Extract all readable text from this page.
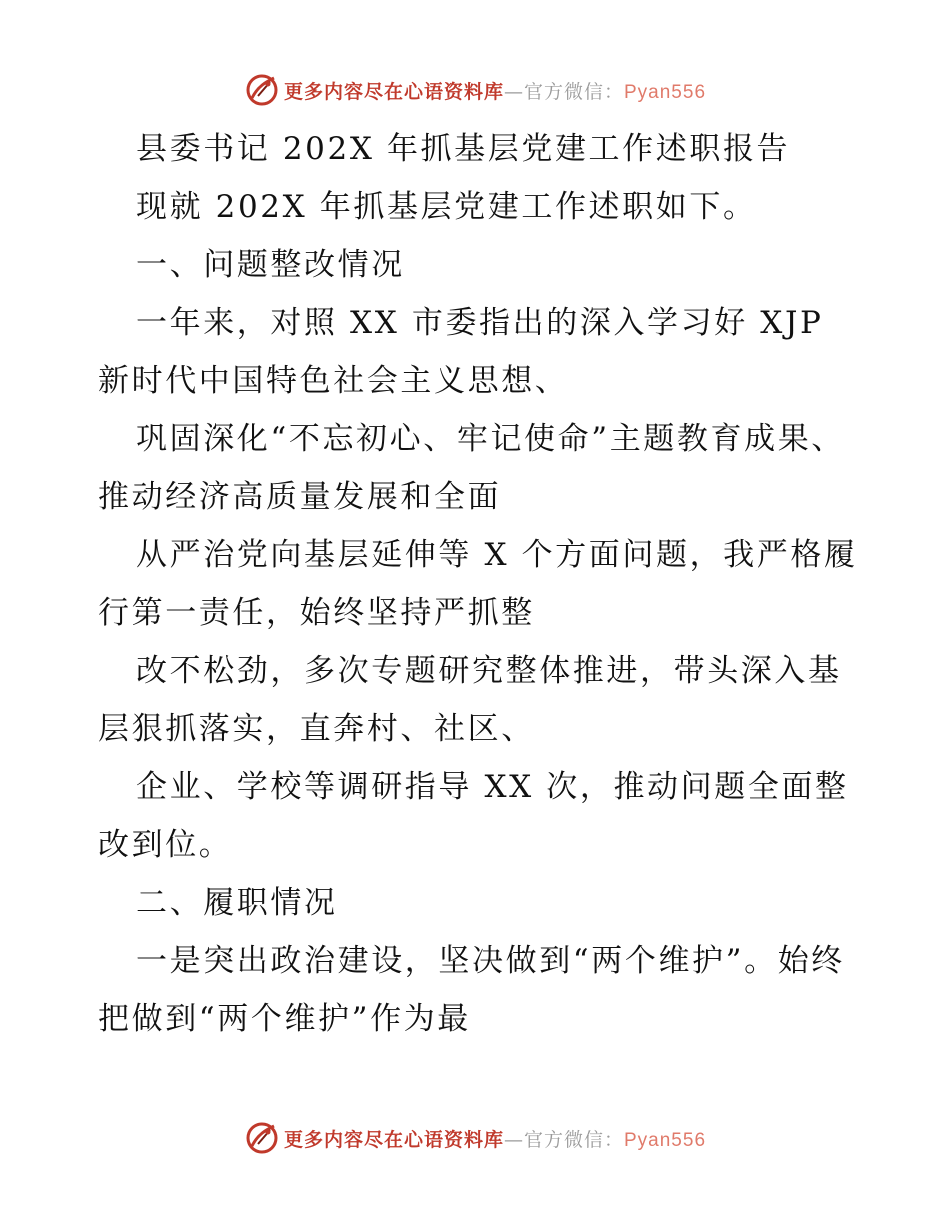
更多内容尽在心语资料库—官方微信：Pyan556

县委书记 202X 年抓基层党建工作述职报告

现就 202X 年抓基层党建工作述职如下。

一、问题整改情况

一年来，对照 XX 市委指出的深入学习好 XJP 新时代中国特色社会主义思想、

巩固深化“不忘初心、牢记使命”主题教育成果、推动经济高质量发展和全面

从严治党向基层延伸等 X 个方面问题，我严格履行第一责任，始终坚持严抓整

改不松劲，多次专题研究整体推进，带头深入基层狠抓落实，直奔村、社区、

企业、学校等调研指导 XX 次，推动问题全面整改到位。

二、履职情况

一是突出政治建设，坚决做到“两个维护”。始终把做到“两个维护”作为最

更多内容尽在心语资料库—官方微信：Pyan556
